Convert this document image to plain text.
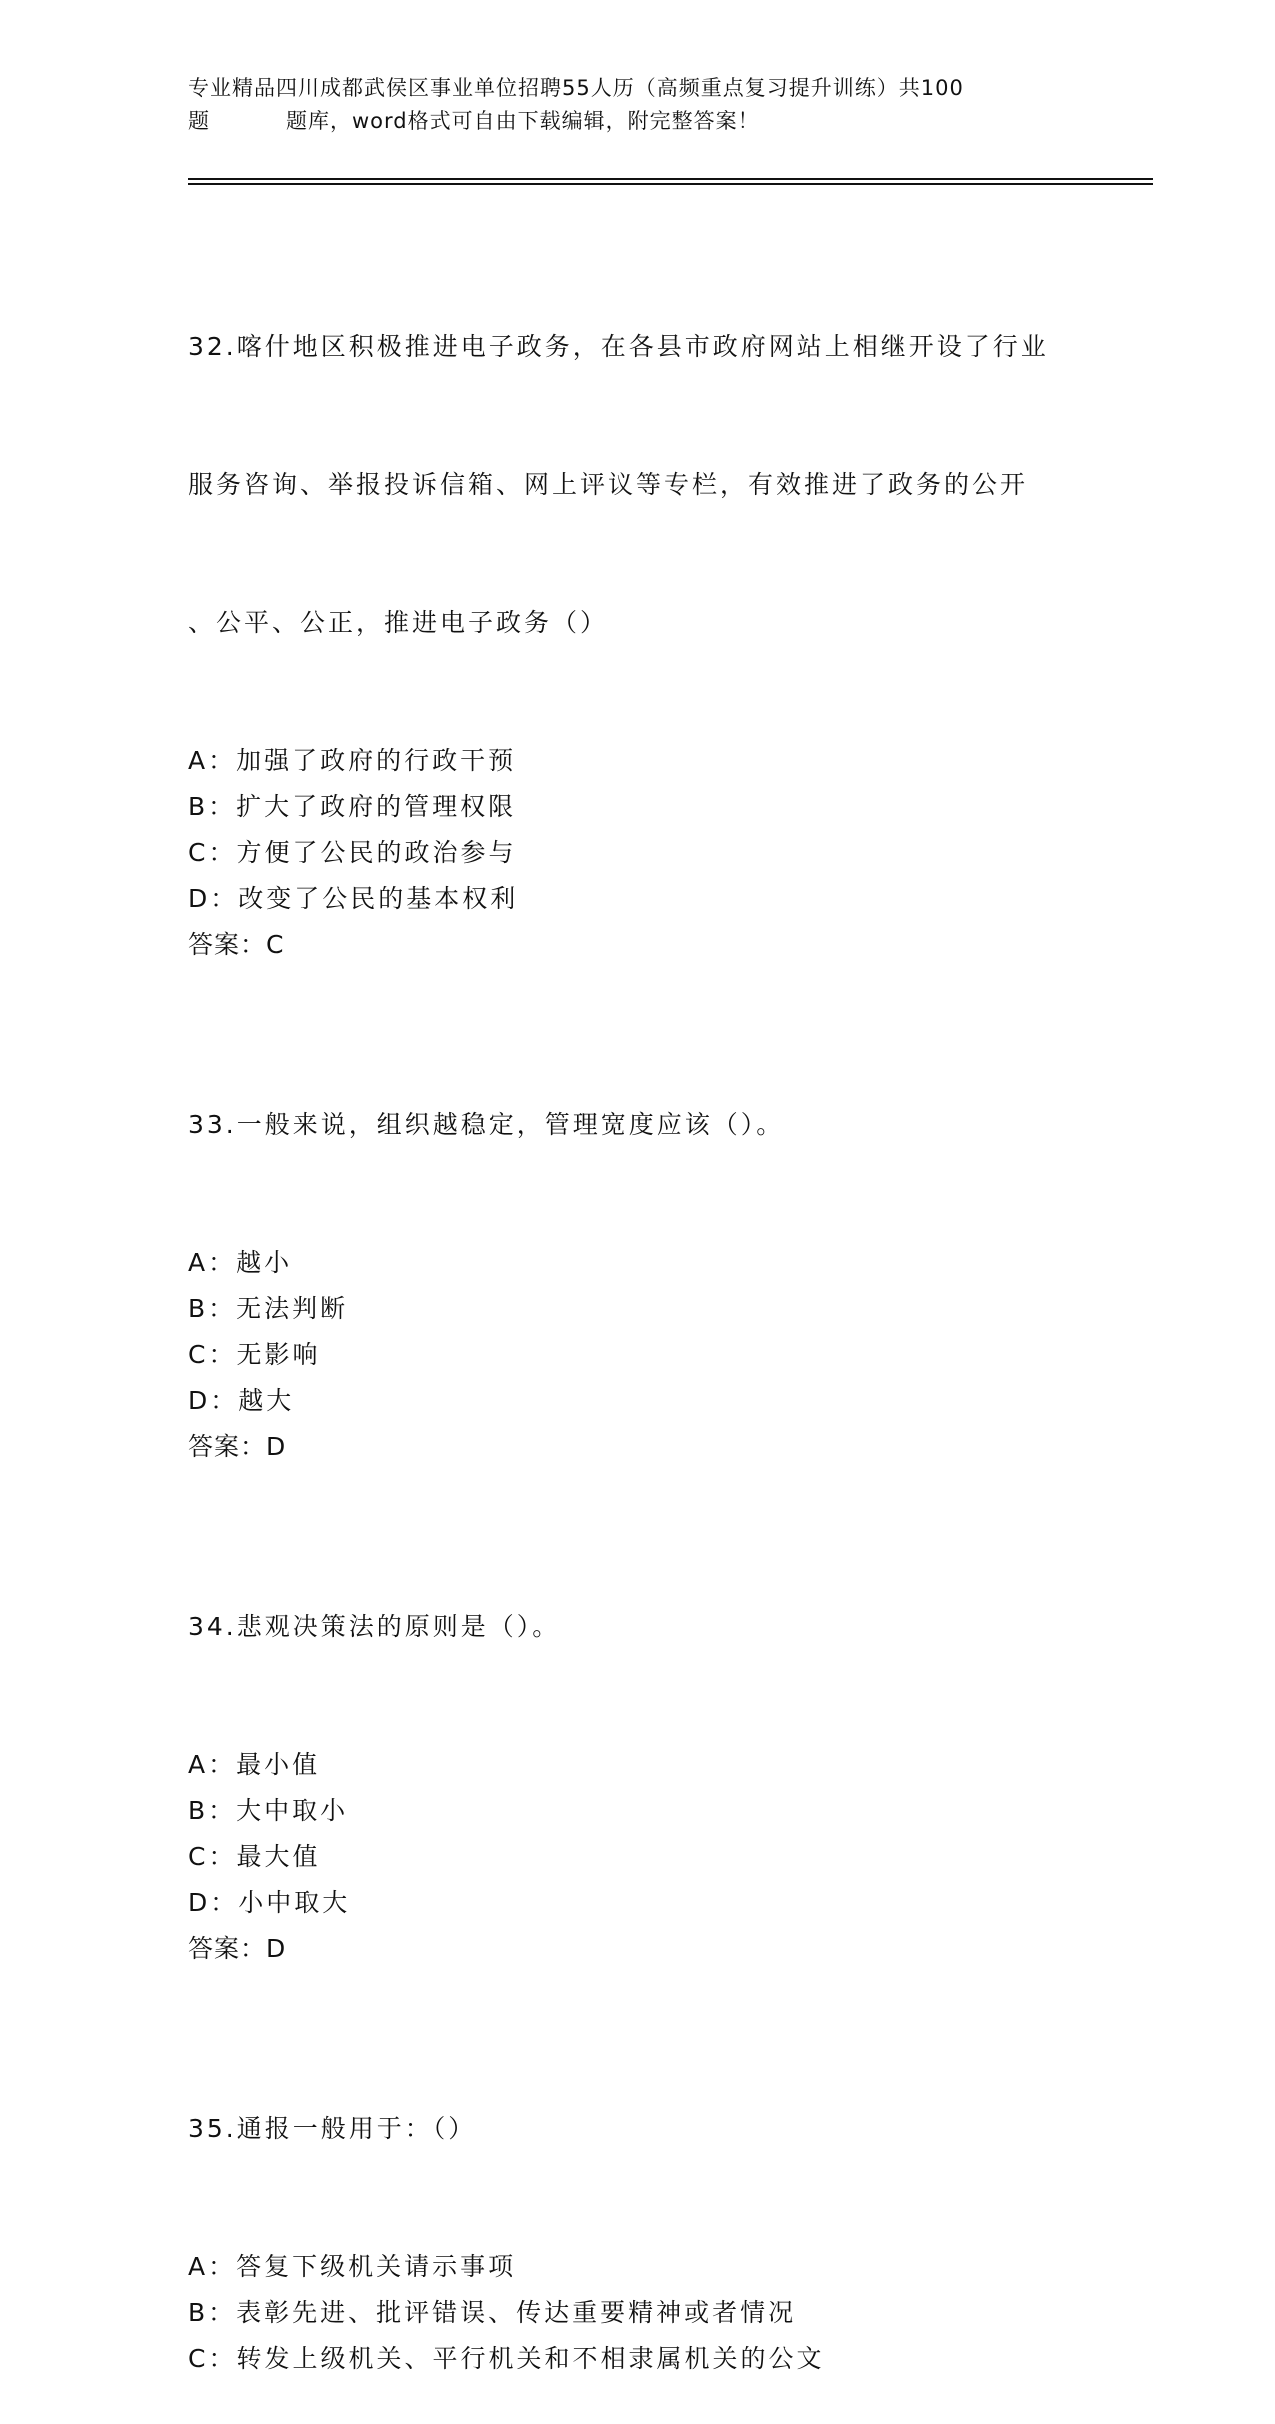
专业精品四川成都武侯区事业单位招聘55人历（高频重点复习提升训练）共100
题	题库，word格式可自由下载编辑，附完整答案！

32.喀什地区积极推进电子政务，在各县市政府网站上相继开设了行业

服务咨询、举报投诉信箱、网上评议等专栏，有效推进了政务的公开

、公平、公正，推进电子政务（）

A：加强了政府的行政干预
B：扩大了政府的管理权限
C：方便了公民的政治参与
D：改变了公民的基本权利
答案：C

33.一般来说，组织越稳定，管理宽度应该（）。

A：越小
B：无法判断
C：无影响
D：越大
答案：D

34.悲观决策法的原则是（）。

A：最小值
B：大中取小
C：最大值
D：小中取大
答案：D

35.通报一般用于：（）

A：答复下级机关请示事项
B：表彰先进、批评错误、传达重要精神或者情况
C：转发上级机关、平行机关和不相隶属机关的公文
